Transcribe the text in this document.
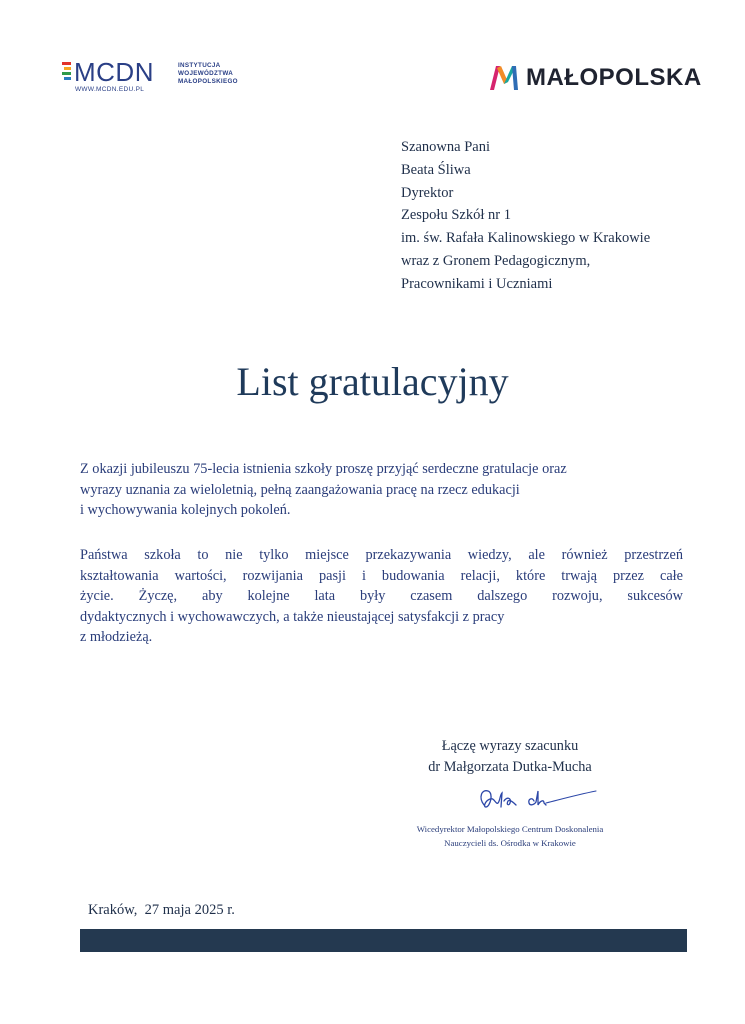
MCDN
WWW.MCDN.EDU.PL
INSTYTUCJA
WOJEWÓDZTWA
MAŁOPOLSKIEGO	MAŁOPOLSKA
Szanowna Pani
Beata Śliwa
Dyrektor
Zespołu Szkół nr 1
im. św. Rafała Kalinowskiego w Krakowie
wraz z Gronem Pedagogicznym,
Pracownikami i Uczniami
List gratulacyjny
Z okazji jubileuszu 75-lecia istnienia szkoły proszę przyjąć serdeczne gratulacje oraz
wyrazy uznania za wieloletnią, pełną zaangażowania pracę na rzecz edukacji
i wychowywania kolejnych pokoleń.
Państwa szkoła to nie tylko miejsce przekazywania wiedzy, ale również przestrzeń
kształtowania wartości, rozwijania pasji i budowania relacji, które trwają przez całe
życie. Życzę, aby kolejne lata były czasem dalszego rozwoju, sukcesów
dydaktycznych i wychowawczych, a także nieustającej satysfakcji z pracy
z młodzieżą.
Łączę wyrazy szacunku
dr Małgorzata Dutka-Mucha
Wicedyrektor Małopolskiego Centrum Doskonalenia
Nauczycieli ds. Ośrodka w Krakowie
Kraków,  27 maja 2025 r.
